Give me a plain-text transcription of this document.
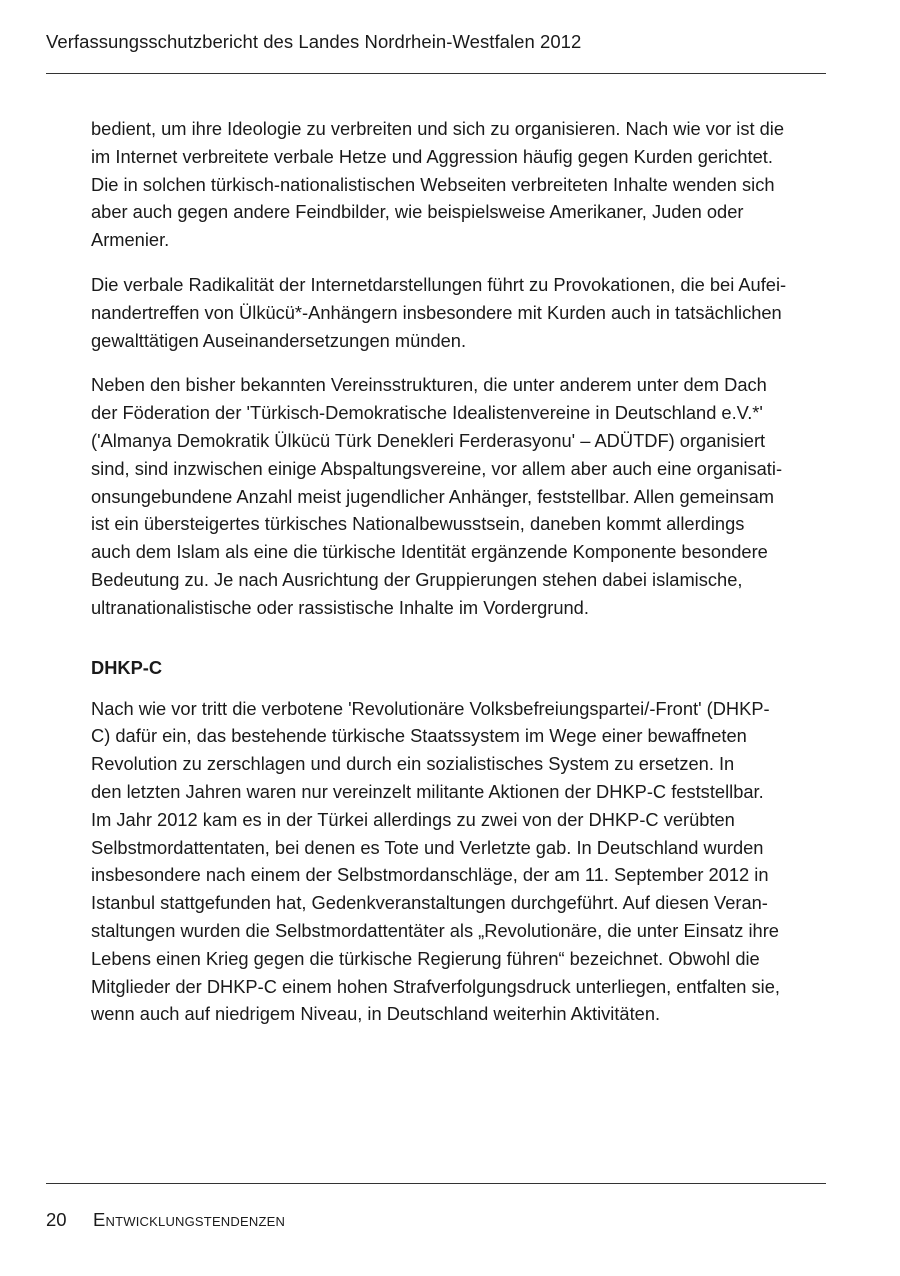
Verfassungsschutzbericht des Landes Nordrhein-Westfalen 2012

bedient, um ihre Ideologie zu verbreiten und sich zu organisieren. Nach wie vor ist die
im Internet verbreitete verbale Hetze und Aggression häufig gegen Kurden gerichtet.
Die in solchen türkisch-nationalistischen Webseiten verbreiteten Inhalte wenden sich
aber auch gegen andere Feindbilder, wie beispielsweise Amerikaner, Juden oder
Armenier.

Die verbale Radikalität der Internetdarstellungen führt zu Provokationen, die bei Aufei-
nandertreffen von Ülkücü*-Anhängern insbesondere mit Kurden auch in tatsächlichen
gewalttätigen Auseinandersetzungen münden.

Neben den bisher bekannten Vereinsstrukturen, die unter anderem unter dem Dach
der Föderation der 'Türkisch-Demokratische Idealistenvereine in Deutschland e.V.*'
('Almanya Demokratik Ülkücü Türk Denekleri Ferderasyonu' – ADÜTDF) organisiert
sind, sind inzwischen einige Abspaltungsvereine, vor allem aber auch eine organisati-
onsungebundene Anzahl meist jugendlicher Anhänger, feststellbar. Allen gemeinsam
ist ein übersteigertes türkisches Nationalbewusstsein, daneben kommt allerdings
auch dem Islam als eine die türkische Identität ergänzende Komponente besondere
Bedeutung zu. Je nach Ausrichtung der Gruppierungen stehen dabei islamische,
ultranationalistische oder rassistische Inhalte im Vordergrund.

DHKP-C

Nach wie vor tritt die verbotene 'Revolutionäre Volksbefreiungspartei/-Front' (DHKP-
C) dafür ein, das bestehende türkische Staatssystem im Wege einer bewaffneten
Revolution zu zerschlagen und durch ein sozialistisches System zu ersetzen. In
den letzten Jahren waren nur vereinzelt militante Aktionen der DHKP-C feststellbar.
Im Jahr 2012 kam es in der Türkei allerdings zu zwei von der DHKP-C verübten
Selbstmordattentaten, bei denen es Tote und Verletzte gab. In Deutschland wurden
insbesondere nach einem der Selbstmordanschläge, der am 11. September 2012 in
Istanbul stattgefunden hat, Gedenkveranstaltungen durchgeführt. Auf diesen Veran-
staltungen wurden die Selbstmordattentäter als „Revolutionäre, die unter Einsatz ihre
Lebens einen Krieg gegen die türkische Regierung führen“ bezeichnet. Obwohl die
Mitglieder der DHKP-C einem hohen Strafverfolgungsdruck unterliegen, entfalten sie,
wenn auch auf niedrigem Niveau, in Deutschland weiterhin Aktivitäten.

20 Entwicklungstendenzen
